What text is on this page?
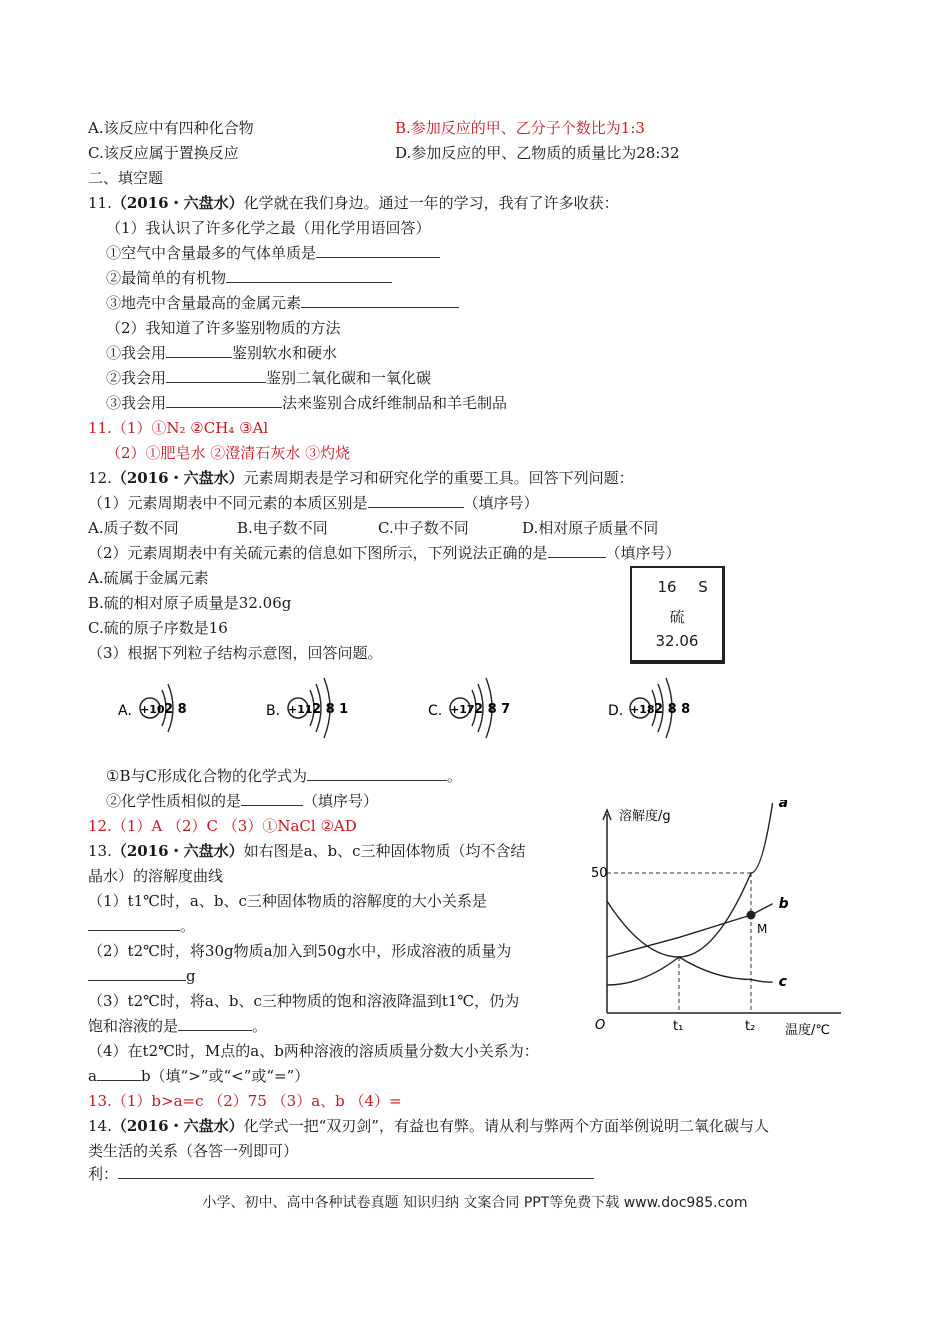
A.该反应中有四种化合物	B.参加反应的甲、乙分子个数比为1:3
C.该反应属于置换反应	D.参加反应的甲、乙物质的质量比为28:32
二、填空题
11.（2016・六盘水）化学就在我们身边。通过一年的学习，我有了许多收获：
（1）我认识了许多化学之最（用化学用语回答）
①空气中含量最多的气体单质是
②最简单的有机物
③地壳中含量最高的金属元素
（2）我知道了许多鉴别物质的方法
①我会用	鉴别软水和硬水
②我会用	鉴别二氧化碳和一氧化碳
③我会用	法来鉴别合成纤维制品和羊毛制品
11.（1）①N₂ ②CH₄ ③Al
（2）①肥皂水 ②澄清石灰水 ③灼烧
12.（2016・六盘水）元素周期表是学习和研究化学的重要工具。回答下列问题：
（1）元素周期表中不同元素的本质区别是	（填序号）
A.质子数不同	B.电子数不同	C.中子数不同	D.相对原子质量不同
（2）元素周期表中有关硫元素的信息如下图所示，下列说法正确的是	（填序号）
A.硫属于金属元素
B.硫的相对原子质量是32.06g
C.硫的原子序数是16
16	S
硫
32.06
（3）根据下列粒子结构示意图，回答问题。
A. +10 2 8	B. +11 2 8 1	C. +17 2 8 7	D. +18 2 8 8
①B与C形成化合物的化学式为	。
②化学性质相似的是	（填序号）
12.（1）A （2）C （3）①NaCl ②AD
13.（2016・六盘水）如右图是a、b、c三种固体物质（均不含结
晶水）的溶解度曲线
（1）t1℃时，a、b、c三种固体物质的溶解度的大小关系是
。
（2）t2℃时，将30g物质a加入到50g水中，形成溶液的质量为
g
（3）t2℃时，将a、b、c三种物质的饱和溶液降温到t1℃，仍为
饱和溶液的是	。
（4）在t2℃时，M点的a、b两种溶液的溶质质量分数大小关系为：
a	b（填“>”或“<”或“=”）
13.（1）b>a=c （2）75 （3）a、b （4）=
溶解度/g
温度/℃
O
50
t₁	t₂
a
b
c
M
14.（2016・六盘水）化学式一把“双刃剑”，有益也有弊。请从利与弊两个方面举例说明二氧化碳与人
类生活的关系（各答一列即可）
利：
小学、初中、高中各种试卷真题 知识归纳 文案合同 PPT等免费下载 www.doc985.com
